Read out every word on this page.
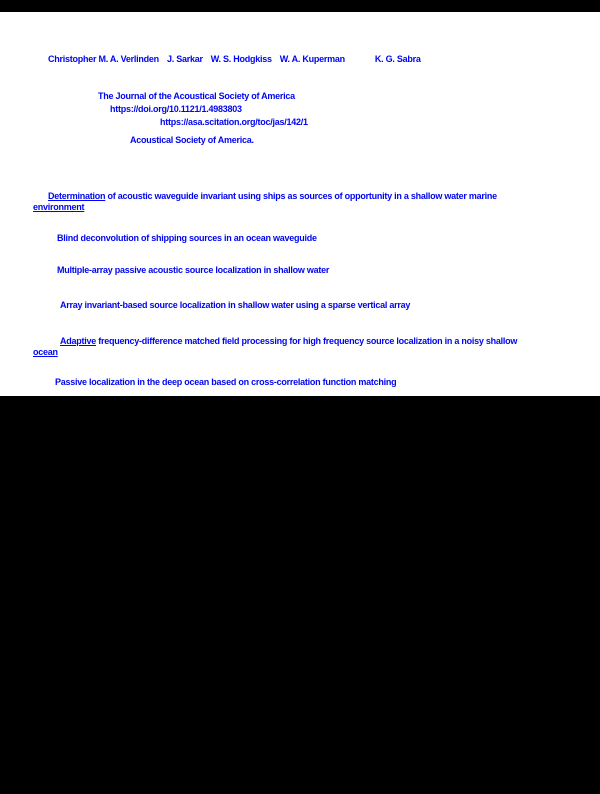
Christopher M. A. Verlinden J. Sarkar W. S. Hodgkiss W. A. Kuperman	K. G. Sabra
The Journal of the Acoustical Society of America
https://doi.org/10.1121/1.4983803
https://asa.scitation.org/toc/jas/142/1
Acoustical Society of America.
Determination of acoustic waveguide invariant using ships as sources of opportunity in a shallow water marine
environment
Blind deconvolution of shipping sources in an ocean waveguide
Multiple-array passive acoustic source localization in shallow water
Array invariant-based source localization in shallow water using a sparse vertical array
Adaptive frequency-difference matched field processing for high frequency source localization in a noisy shallow
ocean
Passive localization in the deep ocean based on cross-correlation function matching
